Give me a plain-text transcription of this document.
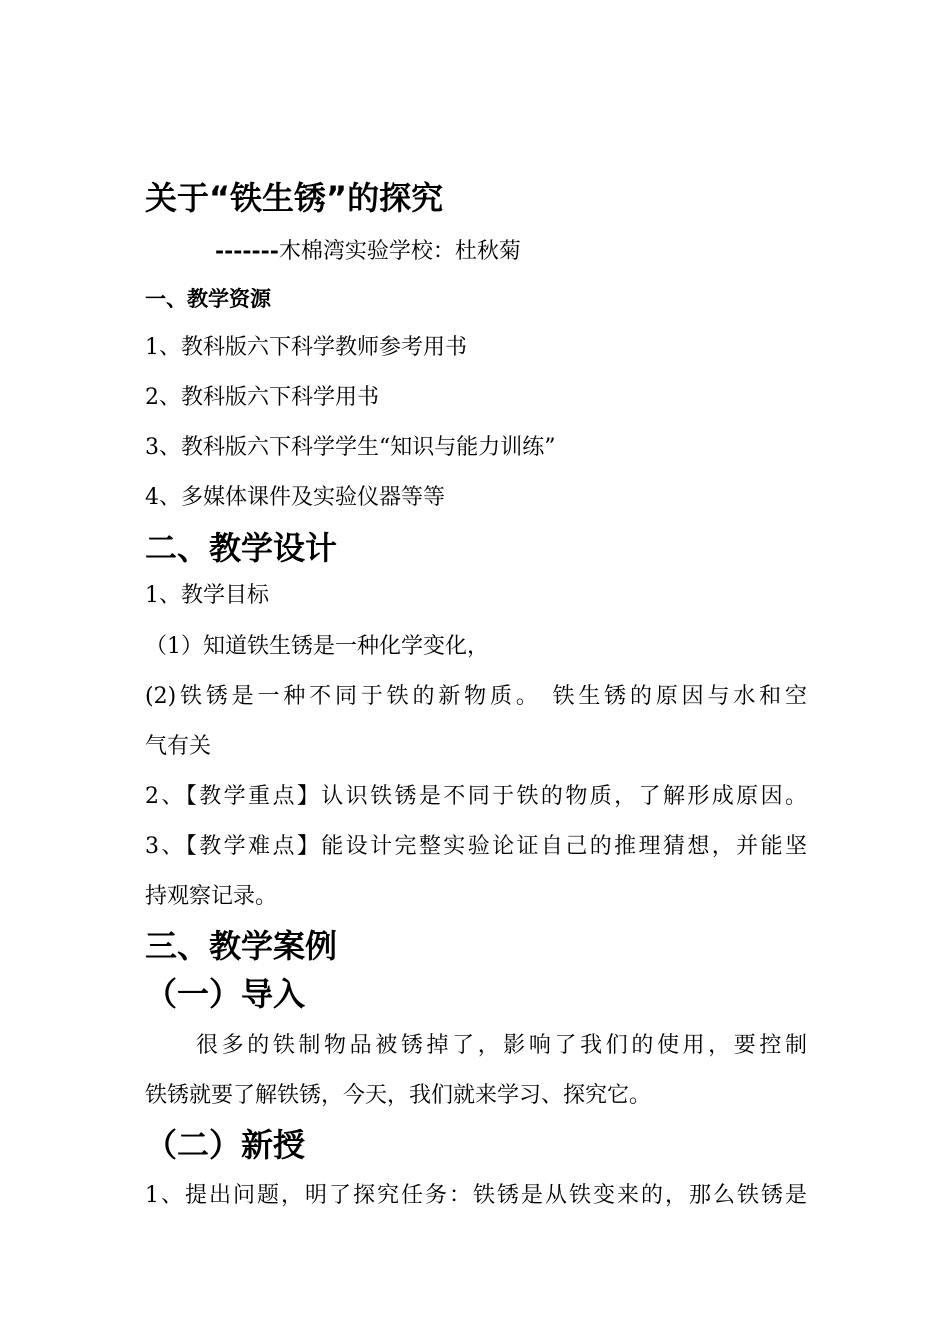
关于“铁生锈”的探究
-------木棉湾实验学校：杜秋菊
一、教学资源
1、教科版六下科学教师参考用书
2、教科版六下科学用书
3、教科版六下科学学生“知识与能力训练”
4、多媒体课件及实验仪器等等
二、教学设计
1、教学目标
（1）知道铁生锈是一种化学变化，
(2)铁锈是一种不同于铁的新物质。 铁生锈的原因与水和空
气有关
2、【教学重点】认识铁锈是不同于铁的物质，了解形成原因。
3、【教学难点】能设计完整实验论证自己的推理猜想，并能坚
持观察记录。
三、教学案例
（一）导入
很多的铁制物品被锈掉了，影响了我们的使用，要控制
铁锈就要了解铁锈，今天，我们就来学习、探究它。
（二）新授
1、提出问题，明了探究任务：铁锈是从铁变来的，那么铁锈是
